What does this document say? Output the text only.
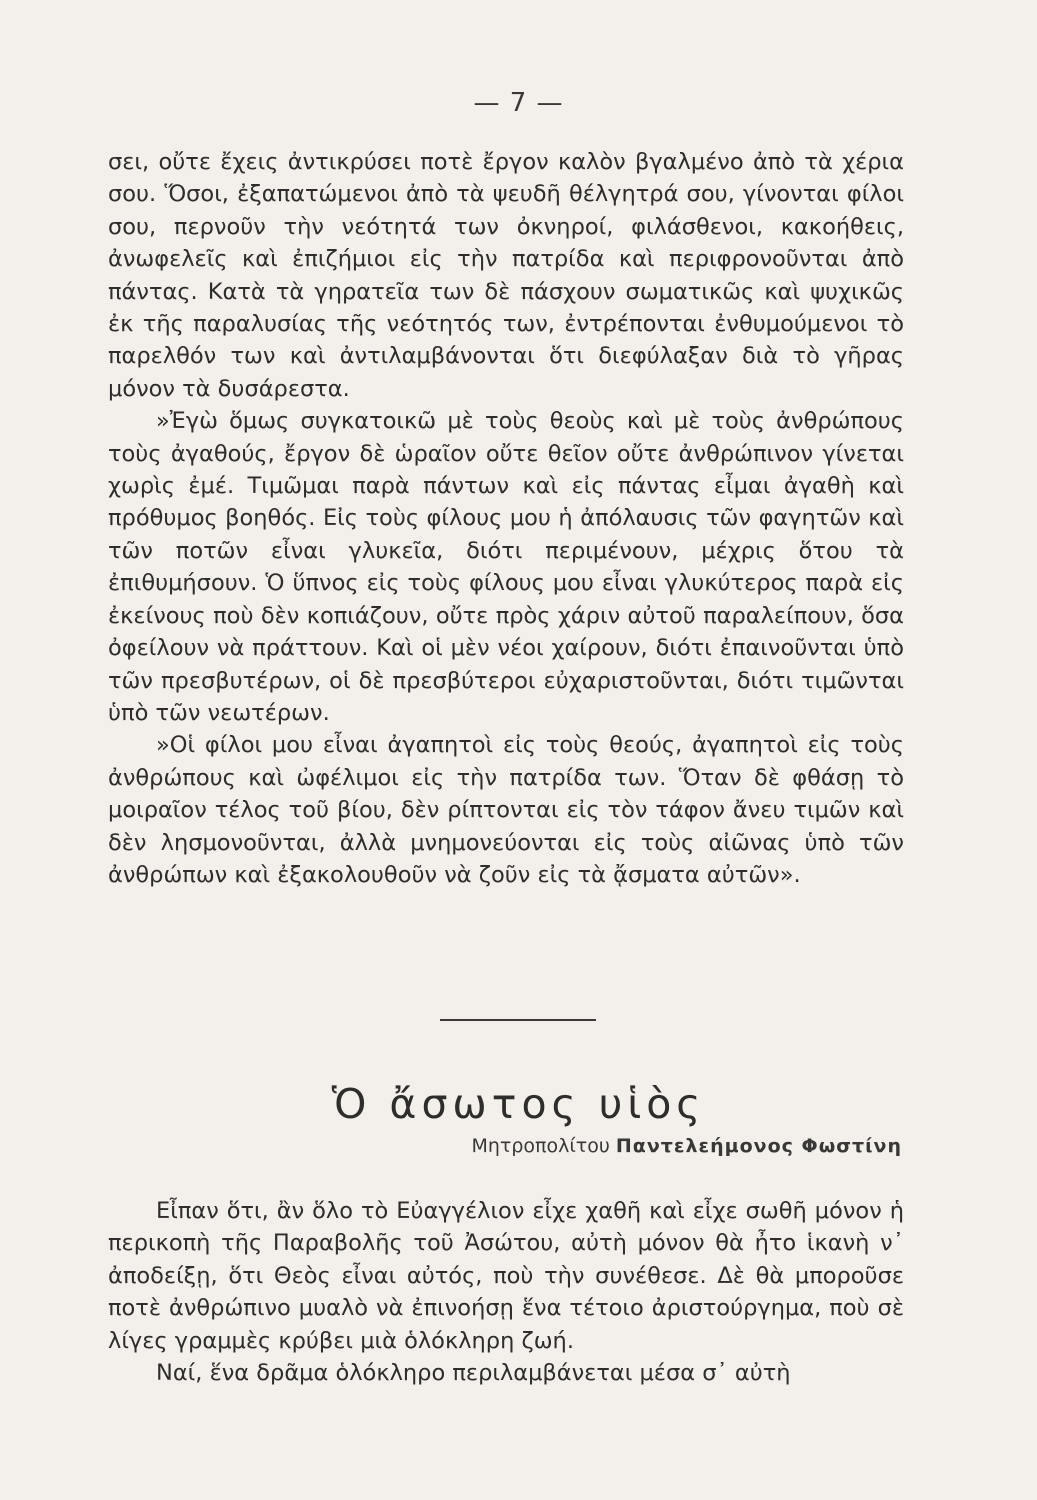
— 7 —

σει, οὔτε ἔχεις ἀντικρύσει ποτὲ ἔργον καλὸν βγαλμένο ἀπὸ τὰ χέρια σου. Ὅσοι, ἐξαπατώμενοι ἀπὸ τὰ ψευδῆ θέλγητρά σου, γίνονται φίλοι σου, περνοῦν τὴν νεότητά των ὀκνηροί, φιλάσθενοι, κακοήθεις, ἀνωφελεῖς καὶ ἐπιζήμιοι εἰς τὴν πατρίδα καὶ περιφρονοῦνται ἀπὸ πάντας. Κατὰ τὰ γηρατεῖα των δὲ πάσχουν σωματικῶς καὶ ψυχικῶς ἐκ τῆς παραλυσίας τῆς νεότητός των, ἐντρέπονται ἐνθυμούμενοι τὸ παρελθόν των καὶ ἀντιλαμβάνονται ὅτι διεφύλαξαν διὰ τὸ γῆρας μόνον τὰ δυσάρεστα.

»Ἐγὼ ὅμως συγκατοικῶ μὲ τοὺς θεοὺς καὶ μὲ τοὺς ἀνθρώπους τοὺς ἀγαθούς, ἔργον δὲ ὡραῖον οὔτε θεῖον οὔτε ἀνθρώπινον γίνεται χωρὶς ἐμέ. Τιμῶμαι παρὰ πάντων καὶ εἰς πάντας εἶμαι ἀγαθὴ καὶ πρόθυμος βοηθός. Εἰς τοὺς φίλους μου ἡ ἀπόλαυσις τῶν φαγητῶν καὶ τῶν ποτῶν εἶναι γλυκεῖα, διότι περιμένουν, μέχρις ὅτου τὰ ἐπιθυμήσουν. Ὁ ὕπνος εἰς τοὺς φίλους μου εἶναι γλυκύτερος παρὰ εἰς ἐκείνους ποὺ δὲν κοπιάζουν, οὔτε πρὸς χάριν αὐτοῦ παραλείπουν, ὅσα ὀφείλουν νὰ πράττουν. Καὶ οἱ μὲν νέοι χαίρουν, διότι ἐπαινοῦνται ὑπὸ τῶν πρεσβυτέρων, οἱ δὲ πρεσβύτεροι εὐχαριστοῦνται, διότι τιμῶνται ὑπὸ τῶν νεωτέρων.

»Οἱ φίλοι μου εἶναι ἀγαπητοὶ εἰς τοὺς θεούς, ἀγαπητοὶ εἰς τοὺς ἀνθρώπους καὶ ὠφέλιμοι εἰς τὴν πατρίδα των. Ὅταν δὲ φθάσῃ τὸ μοιραῖον τέλος τοῦ βίου, δὲν ρίπτονται εἰς τὸν τάφον ἄνευ τιμῶν καὶ δὲν λησμονοῦνται, ἀλλὰ μνημονεύονται εἰς τοὺς αἰῶνας ὑπὸ τῶν ἀνθρώπων καὶ ἐξακολουθοῦν νὰ ζοῦν εἰς τὰ ᾄσματα αὐτῶν».

Ὁ ἄσωτος υἱὸς
Μητροπολίτου Παντελεήμονος Φωστίνη

Εἶπαν ὅτι, ἂν ὅλο τὸ Εὐαγγέλιον εἶχε χαθῆ καὶ εἶχε σωθῆ μόνον ἡ περικοπὴ τῆς Παραβολῆς τοῦ Ἀσώτου, αὐτὴ μόνον θὰ ἦτο ἱκανὴ ν᾽ ἀποδείξῃ, ὅτι Θεὸς εἶναι αὐτός, ποὺ τὴν συνέθεσε. Δὲ θὰ μποροῦσε ποτὲ ἀνθρώπινο μυαλὸ νὰ ἐπινοήσῃ ἕνα τέτοιο ἀριστούργημα, ποὺ σὲ λίγες γραμμὲς κρύβει μιὰ ὁλόκληρη ζωή.

Ναί, ἕνα δρᾶμα ὁλόκληρο περιλαμβάνεται μέσα σ᾽ αὐτὴ
